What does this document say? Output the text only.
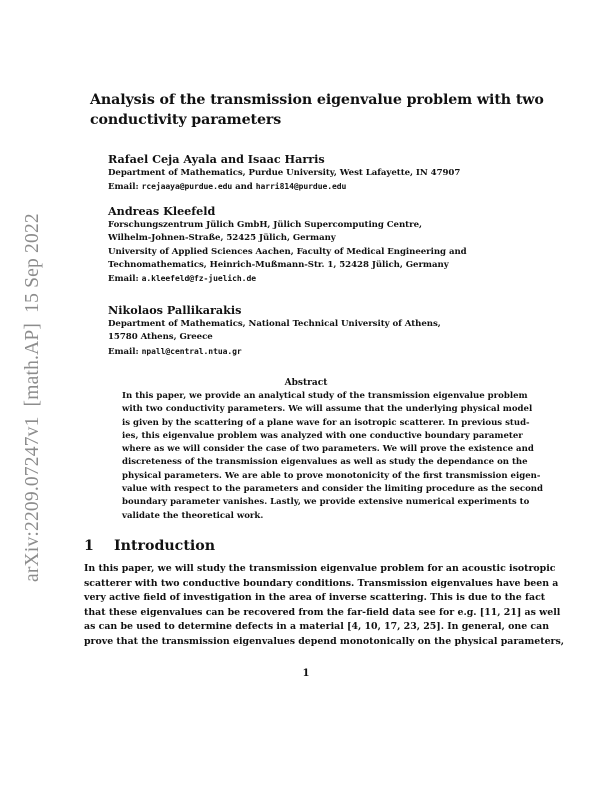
arXiv:2209.07247v1[math.AP]15 Sep 2022
Analysis of the transmission eigenvalue problem with two
conductivity parameters
Rafael Ceja Ayala and Isaac Harris
Department of Mathematics, Purdue University, West Lafayette, IN 47907
Email: rcejaaya@purdue.edu and harri814@purdue.edu
Andreas Kleefeld
Forschungszentrum Jülich GmbH, Jülich Supercomputing Centre,
Wilhelm-Johnen-Straße, 52425 Jülich, Germany
University of Applied Sciences Aachen, Faculty of Medical Engineering and
Technomathematics, Heinrich-Mußmann-Str. 1, 52428 Jülich, Germany
Email: a.kleefeld@fz-juelich.de
Nikolaos Pallikarakis
Department of Mathematics, National Technical University of Athens,
15780 Athens, Greece
Email: npall@central.ntua.gr
Abstract
In this paper, we provide an analytical study of the transmission eigenvalue problem
with two conductivity parameters. We will assume that the underlying physical model
is given by the scattering of a plane wave for an isotropic scatterer. In previous stud-
ies, this eigenvalue problem was analyzed with one conductive boundary parameter
where as we will consider the case of two parameters. We will prove the existence and
discreteness of the transmission eigenvalues as well as study the dependance on the
physical parameters. We are able to prove monotonicity of the first transmission eigen-
value with respect to the parameters and consider the limiting procedure as the second
boundary parameter vanishes. Lastly, we provide extensive numerical experiments to
validate the theoretical work.
1 Introduction
In this paper, we will study the transmission eigenvalue problem for an acoustic isotropic
scatterer with two conductive boundary conditions. Transmission eigenvalues have been a
very active field of investigation in the area of inverse scattering. This is due to the fact
that these eigenvalues can be recovered from the far-field data see for e.g. [11, 21] as well
as can be used to determine defects in a material [4, 10, 17, 23, 25]. In general, one can
prove that the transmission eigenvalues depend monotonically on the physical parameters,
1
